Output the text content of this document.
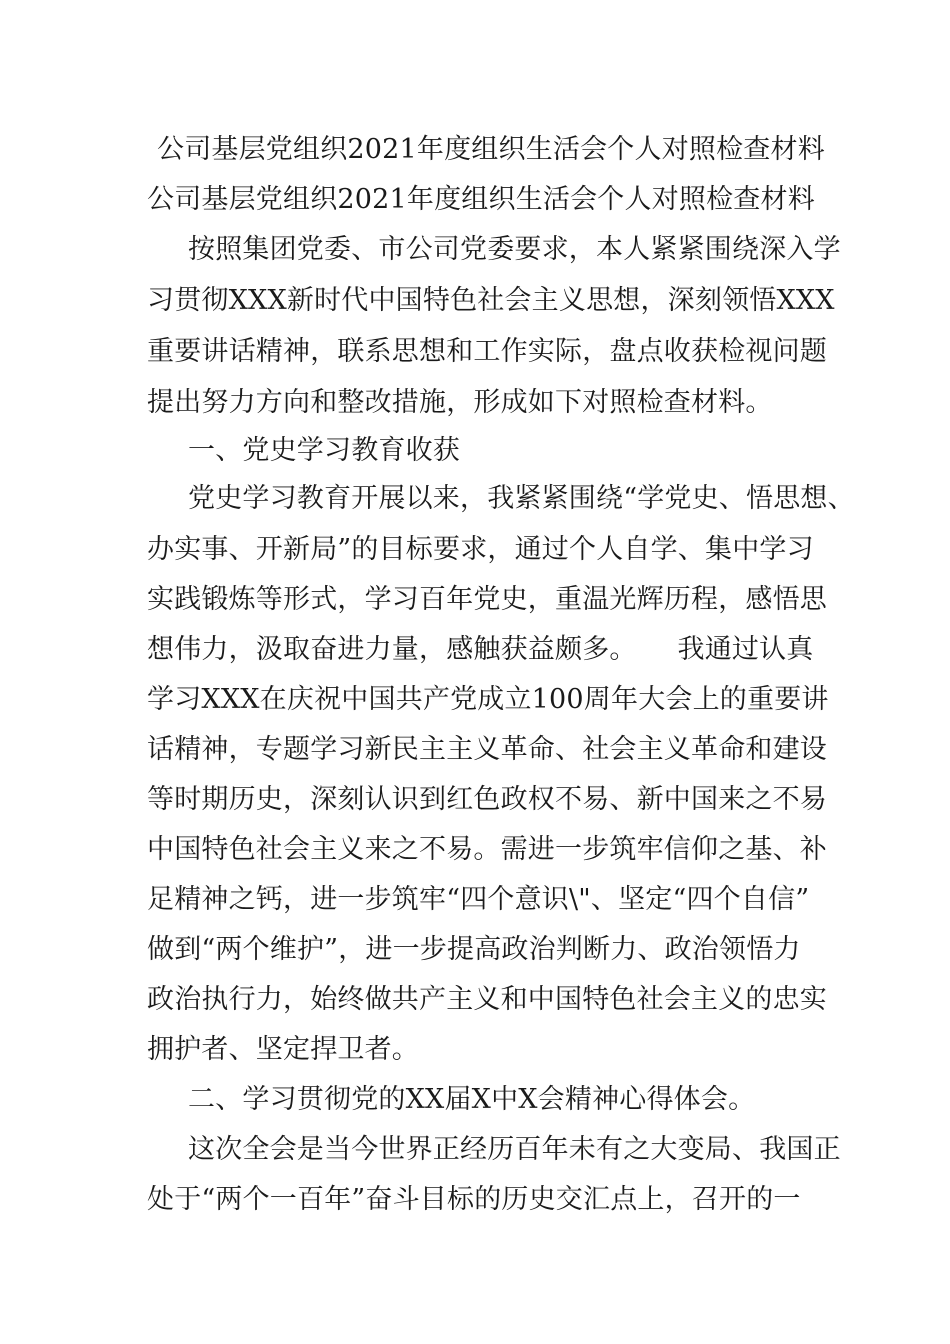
公司基层党组织2021年度组织生活会个人对照检查材料
公司基层党组织2021年度组织生活会个人对照检查材料
按照集团党委、市公司党委要求，本人紧紧围绕深入学
习贯彻XXX新时代中国特色社会主义思想，深刻领悟XXX
重要讲话精神，联系思想和工作实际，盘点收获检视问题
提出努力方向和整改措施，形成如下对照检查材料。
一、党史学习教育收获
党史学习教育开展以来，我紧紧围绕“学党史、悟思想、
办实事、开新局”的目标要求，通过个人自学、集中学习
实践锻炼等形式，学习百年党史，重温光辉历程，感悟思
想伟力，汲取奋进力量，感触获益颇多。　　我通过认真
学习XXX在庆祝中国共产党成立100周年大会上的重要讲
话精神，专题学习新民主主义革命、社会主义革命和建设
等时期历史，深刻认识到红色政权不易、新中国来之不易
中国特色社会主义来之不易。需进一步筑牢信仰之基、补
足精神之钙，进一步筑牢“四个意识\"、坚定“四个自信”
做到“两个维护”，进一步提高政治判断力、政治领悟力
政治执行力，始终做共产主义和中国特色社会主义的忠实
拥护者、坚定捍卫者。
二、学习贯彻党的XX届X中X会精神心得体会。
这次全会是当今世界正经历百年未有之大变局、我国正
处于“两个一百年”奋斗目标的历史交汇点上，召开的一
